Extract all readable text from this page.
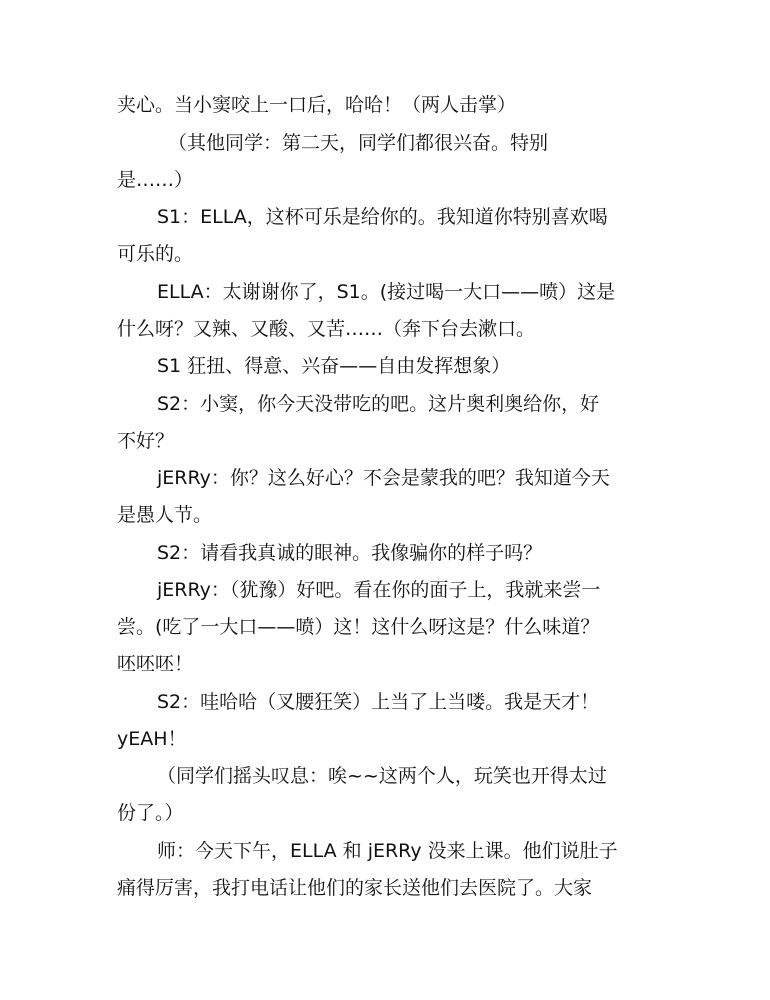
夹心。当小窦咬上一口后，哈哈！（两人击掌）

（其他同学：第二天，同学们都很兴奋。特别

是……）

S1：ELLA，这杯可乐是给你的。我知道你特别喜欢喝

可乐的。

ELLA：太谢谢你了，S1。(接过喝一大口——喷）这是

什么呀？又辣、又酸、又苦……（奔下台去漱口。

S1 狂扭、得意、兴奋——自由发挥想象）

S2：小窦，你今天没带吃的吧。这片奥利奥给你，好

不好？

jERRy：你？这么好心？不会是蒙我的吧？我知道今天

是愚人节。

S2：请看我真诚的眼神。我像骗你的样子吗？

jERRy：（犹豫）好吧。看在你的面子上，我就来尝一

尝。(吃了一大口——喷）这！这什么呀这是？什么味道？

呸呸呸！

S2：哇哈哈（叉腰狂笑）上当了上当喽。我是天才！

yEAH！

（同学们摇头叹息：唉~~这两个人，玩笑也开得太过

份了。）

师：今天下午，ELLA 和 jERRy 没来上课。他们说肚子

痛得厉害，我打电话让他们的家长送他们去医院了。大家
